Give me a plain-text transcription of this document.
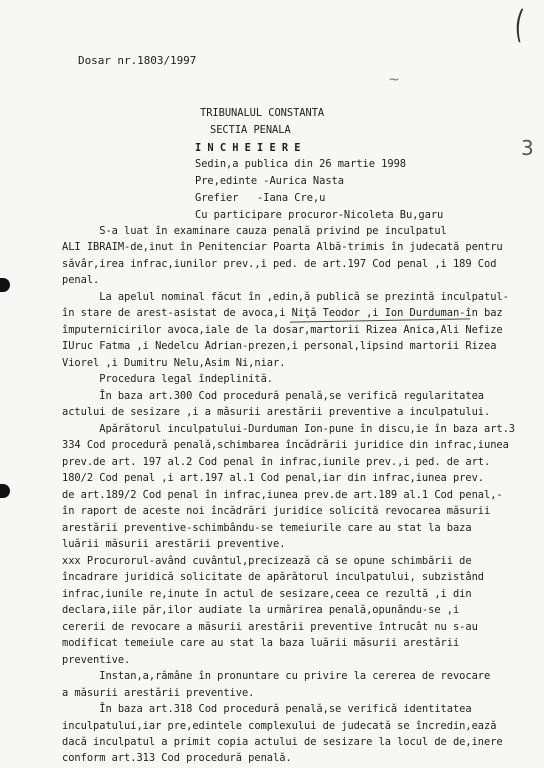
(
~
3
Dosar nr.1803/1997
TRIBUNALUL CONSTANTA
SECTIA PENALA
I N C H E I E R E
Sedin,a publica din 26 martie 1998
Pre,edinte -Aurica Nasta
Grefier   -Iana Cre,u
Cu participare procuror-Nicoleta Bu,garu
S-a luat în examinare cauza penală privind pe inculpatul
ALI IBRAIM-de,inut în Penitenciar Poarta Albă-trimis în judecată pentru
săvâr,irea infrac,iunilor prev.,i ped. de art.197 Cod penal ,i 189 Cod
penal.
La apelul nominal făcut în ,edin,ă publică se prezintă inculpatul-
în stare de arest-asistat de avoca,i Niţă Teodor ,i Ion Durduman-în baz
împuternicirilor avoca,iale de la dosar,martorii Rizea Anica,Ali Nefize
IUruc Fatma ,i Nedelcu Adrian-prezen,i personal,lipsind martorii Rizea
Viorel ,i Dumitru Nelu,Asim Ni,niar.
Procedura legal îndeplinită.
În baza art.300 Cod procedură penală,se verifică regularitatea
actului de sesizare ,i a măsurii arestării preventive a inculpatului.
Apărătorul inculpatului-Durduman Ion-pune în discu,ie în baza art.3
334 Cod procedură penală,schimbarea încădrării juridice din infrac,iunea
prev.de art. 197 al.2 Cod penal în infrac,iunile prev.,i ped. de art.
180/2 Cod penal ,i art.197 al.1 Cod penal,iar din infrac,iunea prev.
de art.189/2 Cod penal în infrac,iunea prev.de art.189 al.1 Cod penal,-
în raport de aceste noi încădrări juridice solicită revocarea măsurii
arestării preventive-schimbându-se temeiurile care au stat la baza
luării măsurii arestării preventive.
xxx Procurorul-având cuvântul,precizează că se opune schimbării de
încadrare juridică solicitate de apărătorul inculpatului, subzistând
infrac,iunile re,inute în actul de sesizare,ceea ce rezultă ,i din
declara,iile păr,ilor audiate la urmărirea penală,opunându-se ,i
cererii de revocare a măsurii arestării preventive întrucât nu s-au
modificat temeiule care au stat la baza luării măsurii arestării
preventive.
Instan,a,rămâne în pronuntare cu privire la cererea de revocare
a măsurii arestării preventive.
În baza art.318 Cod procedură penală,se verifică identitatea
inculpatului,iar pre,edintele complexului de judecată se încredin,ează
dacă inculpatul a primit copia actului de sesizare la locul de de,inere
conform art.313 Cod procedură penală.
